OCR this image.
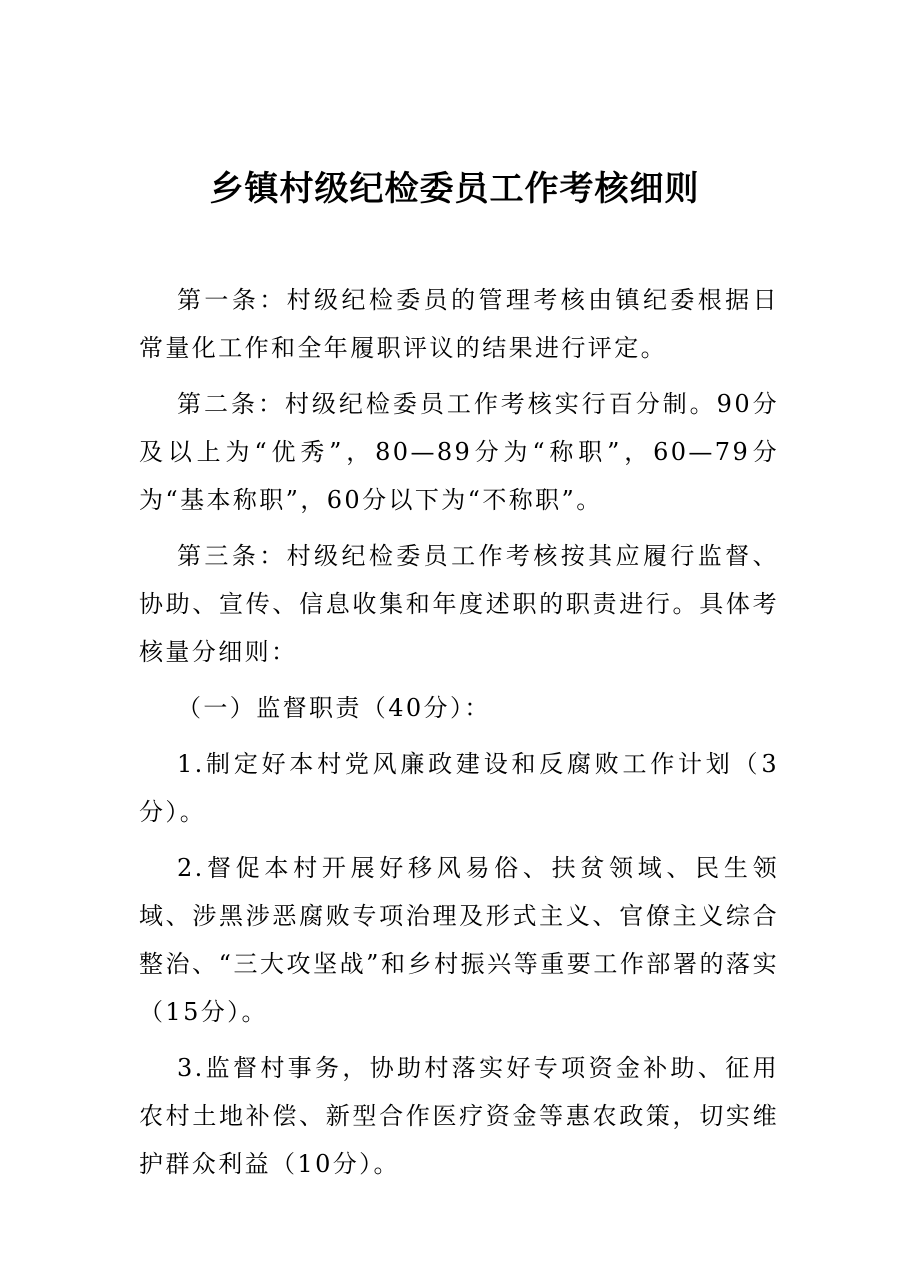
乡镇村级纪检委员工作考核细则

第一条：村级纪检委员的管理考核由镇纪委根据日常量化工作和全年履职评议的结果进行评定。

第二条：村级纪检委员工作考核实行百分制。90分及以上为“优秀”，80—89分为“称职”，60—79分为“基本称职”，60分以下为“不称职”。

第三条：村级纪检委员工作考核按其应履行监督、协助、宣传、信息收集和年度述职的职责进行。具体考核量分细则：

（一）监督职责（40分）：

1.制定好本村党风廉政建设和反腐败工作计划（3分）。

2.督促本村开展好移风易俗、扶贫领域、民生领域、涉黑涉恶腐败专项治理及形式主义、官僚主义综合整治、“三大攻坚战”和乡村振兴等重要工作部署的落实（15分）。

3.监督村事务，协助村落实好专项资金补助、征用农村土地补偿、新型合作医疗资金等惠农政策，切实维护群众利益（10分）。
